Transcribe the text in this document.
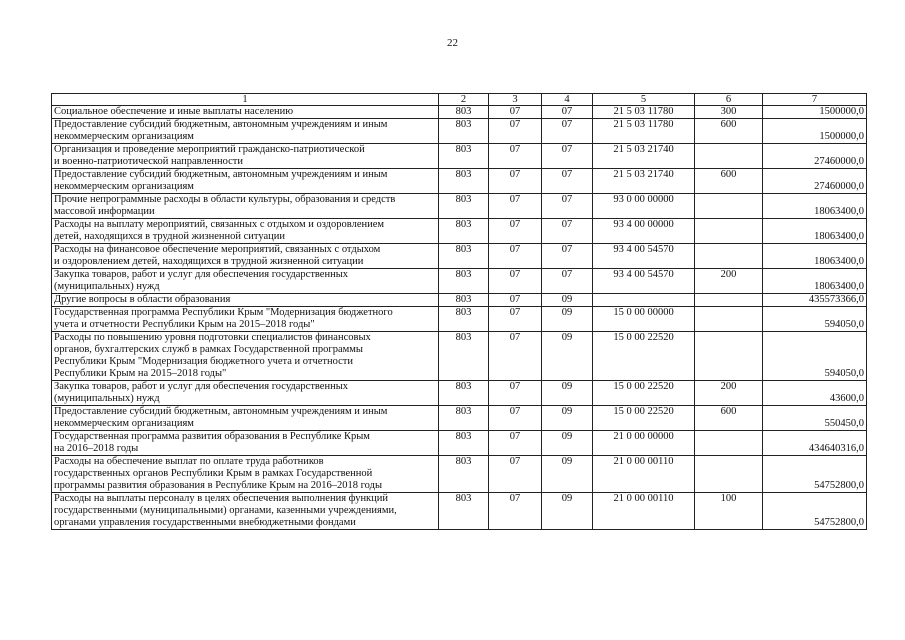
22
1	2	3	4	5	6	7

Социальное обеспечение и иные выплаты населению	803	07	07	21 5 03 11780	300	1500000,0

Предоставление субсидий бюджетным, автономным учреждениям и иным
некоммерческим организациям	803	07	07	21 5 03 11780	600	1500000,0

Организация и проведение мероприятий гражданско-патриотической
и военно-патриотической направленности	803	07	07	21 5 03 21740		27460000,0

Предоставление субсидий бюджетным, автономным учреждениям и иным
некоммерческим организациям	803	07	07	21 5 03 21740	600	27460000,0

Прочие непрограммные расходы в области культуры, образования и средств
массовой информации	803	07	07	93 0 00 00000		18063400,0

Расходы на выплату мероприятий, связанных с отдыхом и оздоровлением
детей, находящихся в трудной жизненной ситуации	803	07	07	93 4 00 00000		18063400,0

Расходы на финансовое обеспечение мероприятий, связанных с отдыхом
и оздоровлением детей, находящихся в трудной жизненной ситуации	803	07	07	93 4 00 54570		18063400,0

Закупка товаров, работ и услуг для обеспечения государственных
(муниципальных) нужд	803	07	07	93 4 00 54570	200	18063400,0

Другие вопросы в области образования	803	07	09			435573366,0

Государственная программа Республики Крым "Модернизация бюджетного
учета и отчетности Республики Крым на 2015–2018 годы"	803	07	09	15 0 00 00000		594050,0

Расходы по повышению уровня подготовки специалистов финансовых
органов, бухгалтерских служб в рамках Государственной программы
Республики Крым "Модернизация бюджетного учета и отчетности
Республики Крым на 2015–2018 годы"	803	07	09	15 0 00 22520		594050,0

Закупка товаров, работ и услуг для обеспечения государственных
(муниципальных) нужд	803	07	09	15 0 00 22520	200	43600,0

Предоставление субсидий бюджетным, автономным учреждениям и иным
некоммерческим организациям	803	07	09	15 0 00 22520	600	550450,0

Государственная программа развития образования в Республике Крым
на 2016–2018 годы	803	07	09	21 0 00 00000		434640316,0

Расходы на обеспечение выплат по оплате труда работников
государственных органов Республики Крым в рамках Государственной
программы развития образования в Республике Крым на 2016–2018 годы	803	07	09	21 0 00 00110		54752800,0

Расходы на выплаты персоналу в целях обеспечения выполнения функций
государственными (муниципальными) органами, казенными учреждениями,
органами управления государственными внебюджетными фондами	803	07	09	21 0 00 00110	100	54752800,0
